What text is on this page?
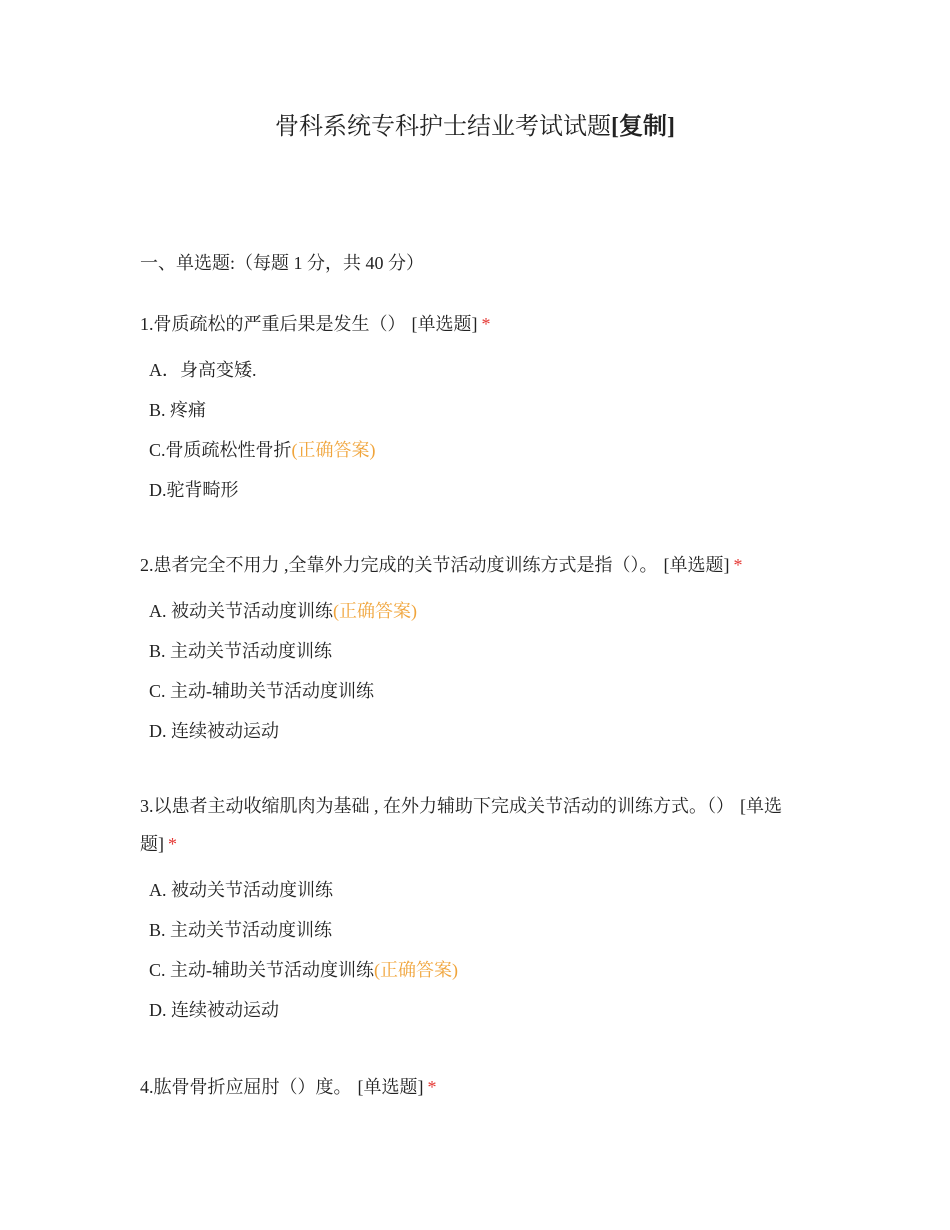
骨科系统专科护士结业考试试题[复制]
一、单选题:（每题 1 分，共 40 分）

1.骨质疏松的严重后果是发生（） [单选题] *

A．身高变矮.
B. 疼痛
C.骨质疏松性骨折(正确答案)
D.驼背畸形

2.患者完全不用力 ,全靠外力完成的关节活动度训练方式是指（）。 [单选题] *

A. 被动关节活动度训练(正确答案)
B. 主动关节活动度训练
C. 主动-辅助关节活动度训练
D. 连续被动运动

3.以患者主动收缩肌肉为基础 , 在外力辅助下完成关节活动的训练方式。（） [单选题] *

A. 被动关节活动度训练
B. 主动关节活动度训练
C. 主动-辅助关节活动度训练(正确答案)
D. 连续被动运动

4.肱骨骨折应屈肘（）度。 [单选题] *
